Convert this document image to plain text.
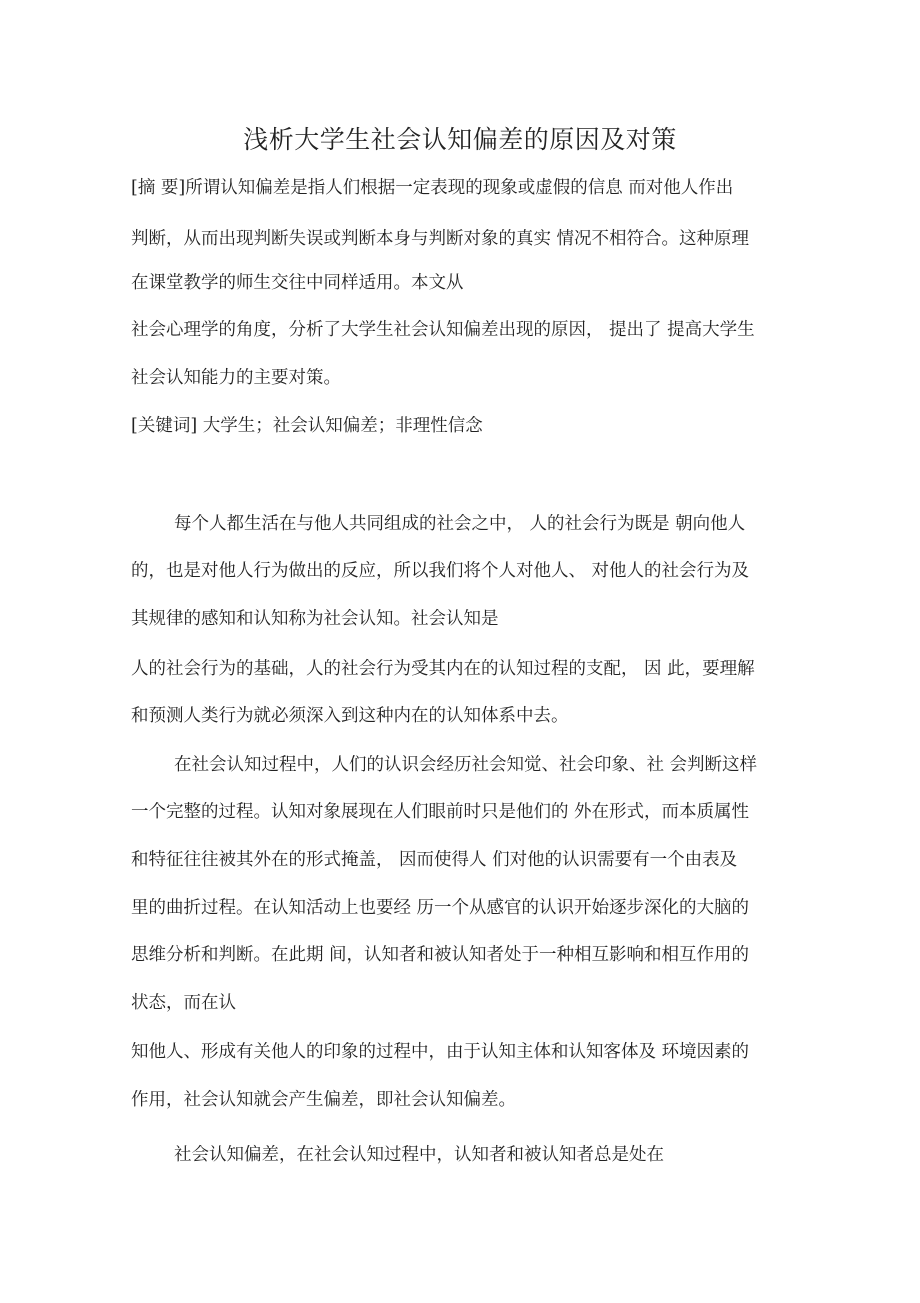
浅析大学生社会认知偏差的原因及对策
[摘 要]所谓认知偏差是指人们根据一定表现的现象或虚假的信息 而对他人作出
判断，从而出现判断失误或判断本身与判断对象的真实 情况不相符合。这种原理
在课堂教学的师生交往中同样适用。本文从
社会心理学的角度，分析了大学生社会认知偏差出现的原因， 提出了 提高大学生
社会认知能力的主要对策。
[关键词] 大学生；社会认知偏差；非理性信念
每个人都生活在与他人共同组成的社会之中， 人的社会行为既是 朝向他人
的，也是对他人行为做出的反应，所以我们将个人对他人、 对他人的社会行为及
其规律的感知和认知称为社会认知。社会认知是
人的社会行为的基础，人的社会行为受其内在的认知过程的支配， 因 此，要理解
和预测人类行为就必须深入到这种内在的认知体系中去。
在社会认知过程中，人们的认识会经历社会知觉、社会印象、社 会判断这样
一个完整的过程。认知对象展现在人们眼前时只是他们的 外在形式，而本质属性
和特征往往被其外在的形式掩盖， 因而使得人 们对他的认识需要有一个由表及
里的曲折过程。在认知活动上也要经 历一个从感官的认识开始逐步深化的大脑的
思维分析和判断。在此期 间，认知者和被认知者处于一种相互影响和相互作用的
状态，而在认
知他人、形成有关他人的印象的过程中，由于认知主体和认知客体及 环境因素的
作用，社会认知就会产生偏差，即社会认知偏差。
社会认知偏差，在社会认知过程中，认知者和被认知者总是处在
